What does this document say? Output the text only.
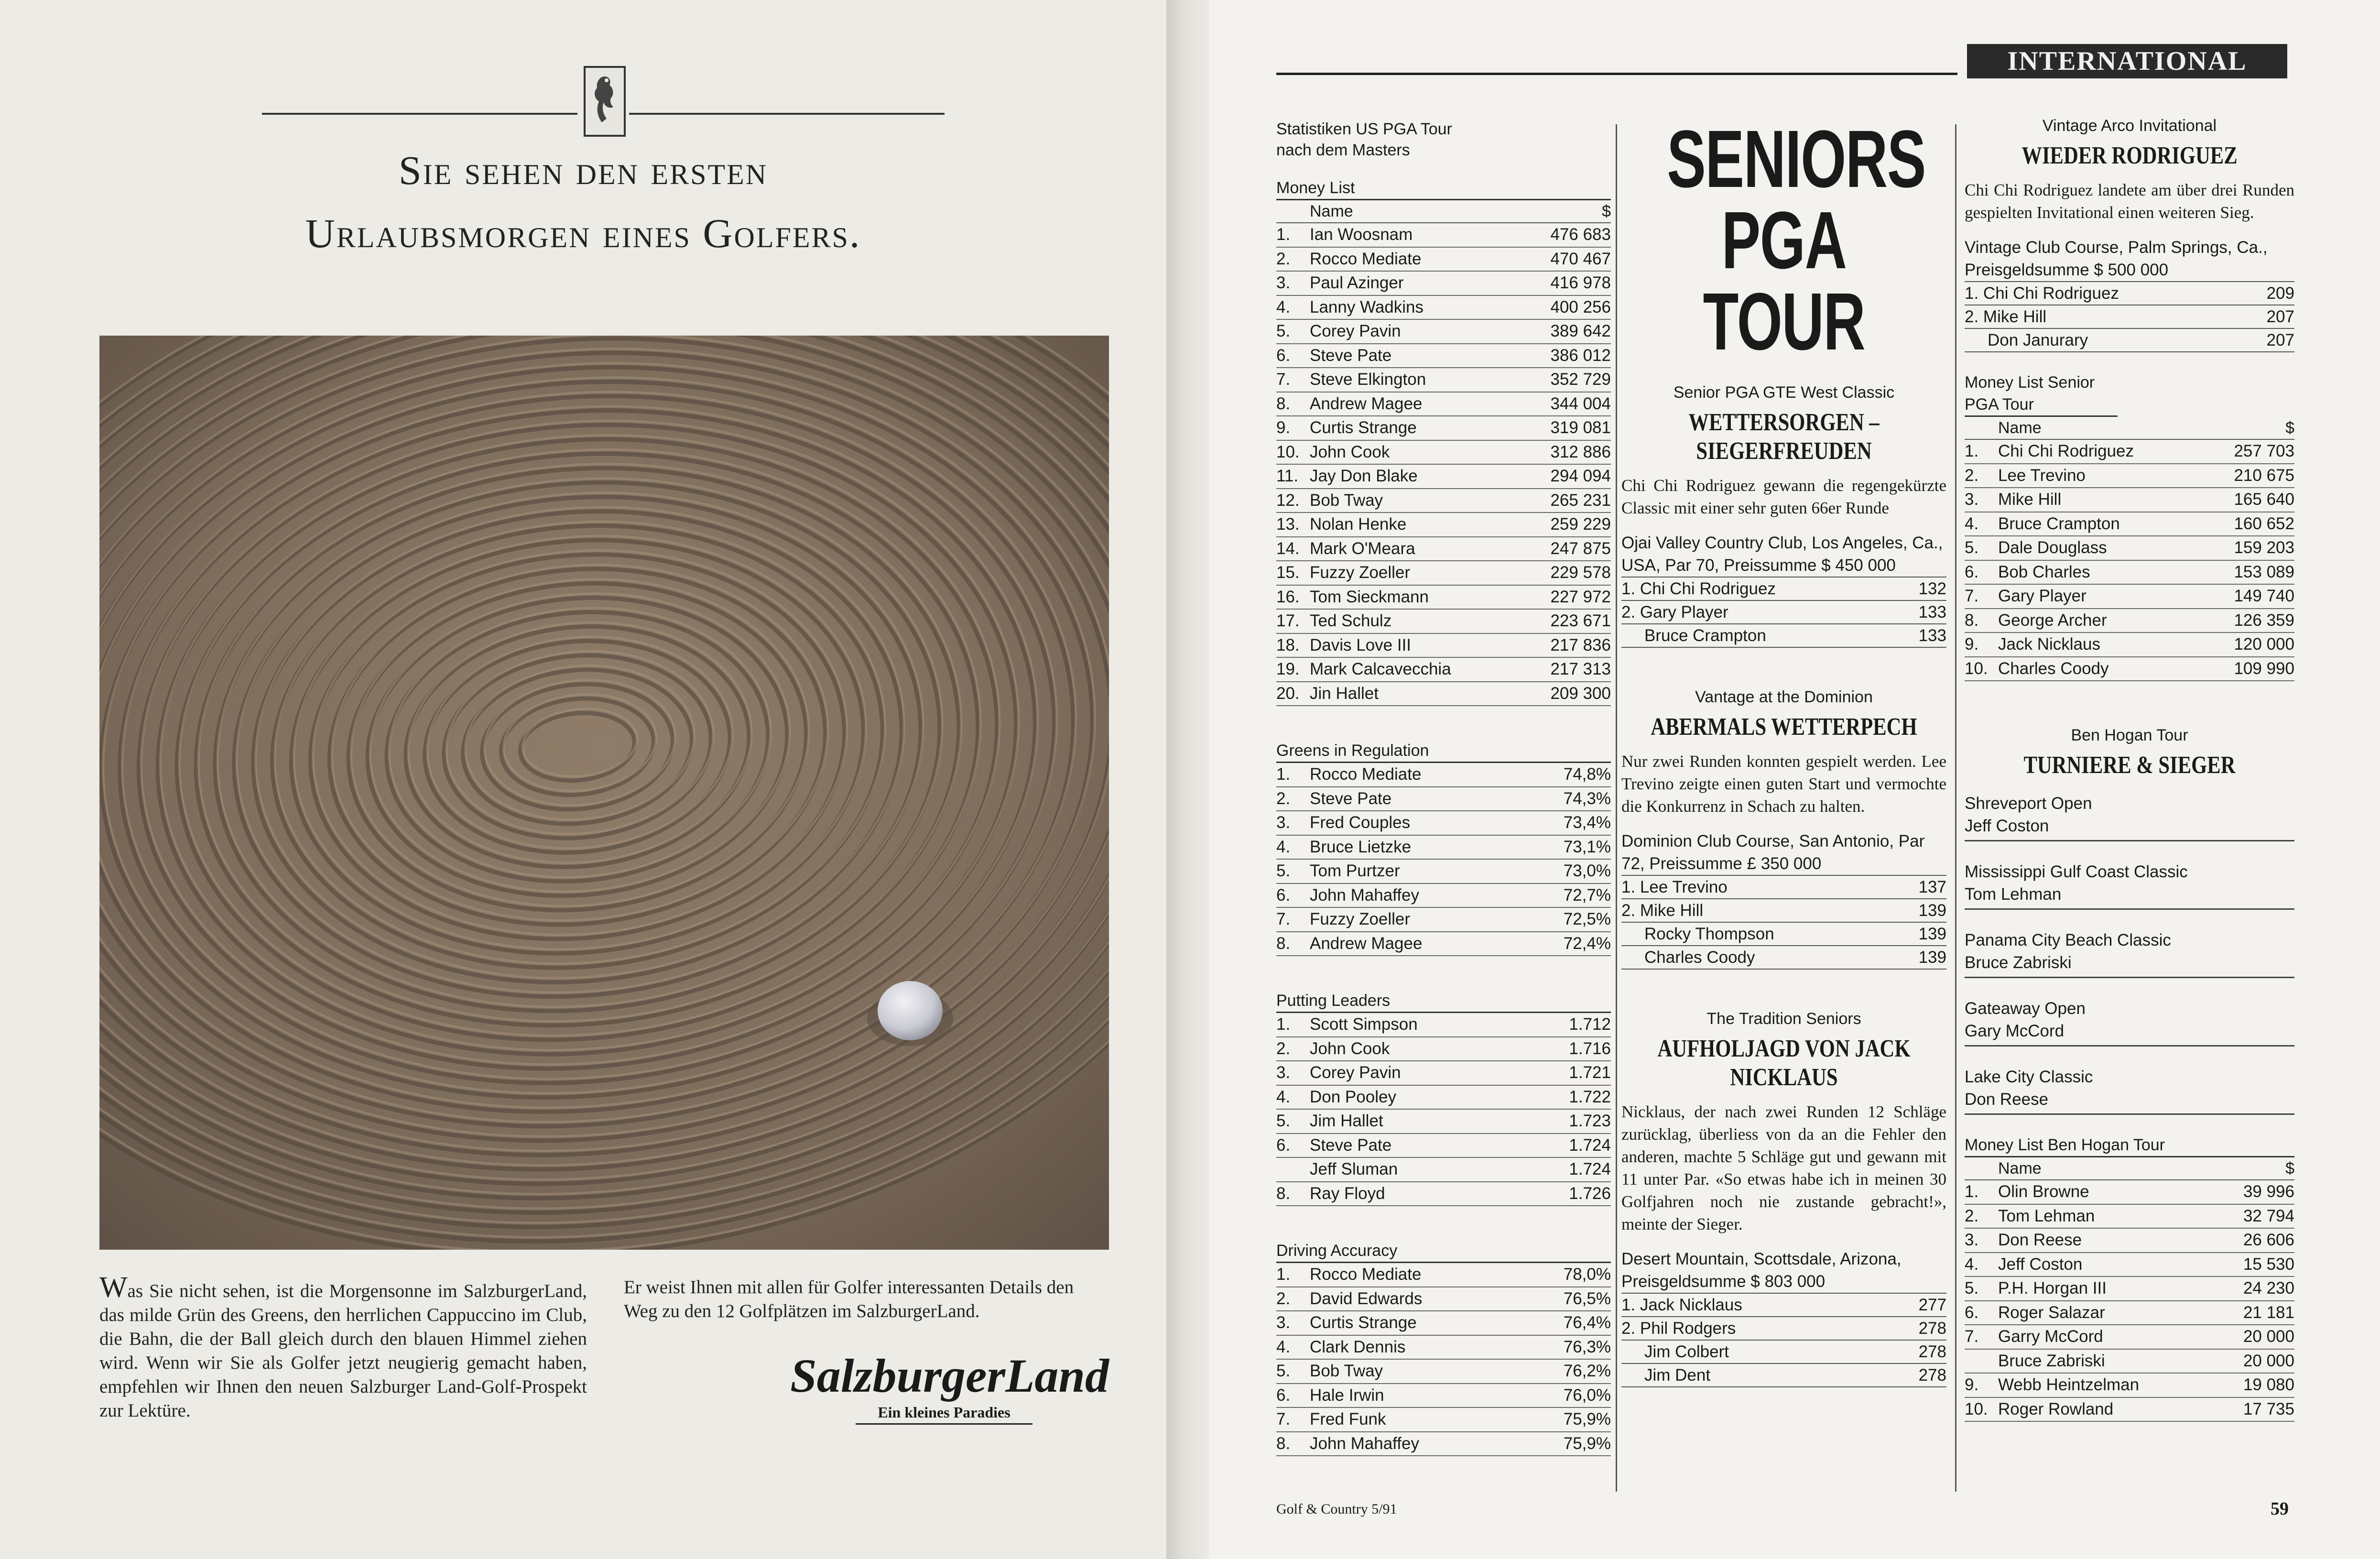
Sie sehen den ersten
Urlaubsmorgen eines Golfers.
Was Sie nicht sehen, ist die Morgensonne im SalzburgerLand, das milde Grün des Greens, den herrlichen Cappuccino im Club, die Bahn, die der Ball gleich durch den blauen Himmel ziehen wird. Wenn wir Sie als Golfer jetzt neugierig gemacht haben, empfehlen wir Ihnen den neuen Salzburger Land-Golf-Prospekt zur Lektüre.
Er weist Ihnen mit allen für Golfer interessanten Details den Weg zu den 12 Golfplätzen im SalzburgerLand.
SalzburgerLand
Ein kleines Paradies
INTERNATIONAL
Statistiken US PGA Tour nach dem Masters
Money List
Name	$
1.	Ian Woosnam	476 683
2.	Rocco Mediate	470 467
3.	Paul Azinger	416 978
4.	Lanny Wadkins	400 256
5.	Corey Pavin	389 642
6.	Steve Pate	386 012
7.	Steve Elkington	352 729
8.	Andrew Magee	344 004
9.	Curtis Strange	319 081
10. John Cook	312 886
11. Jay Don Blake	294 094
12. Bob Tway	265 231
13. Nolan Henke	259 229
14. Mark O'Meara	247 875
15. Fuzzy Zoeller	229 578
16. Tom Sieckmann	227 972
17. Ted Schulz	223 671
18. Davis Love III	217 836
19. Mark Calcavecchia	217 313
20. Jin Hallet	209 300
Greens in Regulation
1.	Rocco Mediate	74,8%
2.	Steve Pate	74,3%
3.	Fred Couples	73,4%
4.	Bruce Lietzke	73,1%
5.	Tom Purtzer	73,0%
6.	John Mahaffey	72,7%
7.	Fuzzy Zoeller	72,5%
8.	Andrew Magee	72,4%
Putting Leaders
1.	Scott Simpson	1.712
2.	John Cook	1.716
3.	Corey Pavin	1.721
4.	Don Pooley	1.722
5.	Jim Hallet	1.723
6.	Steve Pate	1.724
Jeff Sluman	1.724
8.	Ray Floyd	1.726
Driving Accuracy
1.	Rocco Mediate	78,0%
2.	David Edwards	76,5%
3.	Curtis Strange	76,4%
4.	Clark Dennis	76,3%
5.	Bob Tway	76,2%
6.	Hale Irwin	76,0%
7.	Fred Funk	75,9%
8.	John Mahaffey	75,9%
SENIORS
PGA TOUR
Senior PGA GTE West Classic
WETTERSORGEN – SIEGERFREUDEN
Chi Chi Rodriguez gewann die regengekürzte Classic mit einer sehr guten 66er Runde
Ojai Valley Country Club, Los Angeles, Ca., USA, Par 70, Preissumme $ 450 000
1. Chi Chi Rodriguez	132
2. Gary Player	133
Bruce Crampton	133
Vantage at the Dominion
ABERMALS WETTERPECH
Nur zwei Runden konnten gespielt werden. Lee Trevino zeigte einen guten Start und vermochte die Konkurrenz in Schach zu halten.
Dominion Club Course, San Antonio, Par 72, Preissumme £ 350 000
1. Lee Trevino	137
2. Mike Hill	139
Rocky Thompson	139
Charles Coody	139
The Tradition Seniors
AUFHOLJAGD VON JACK NICKLAUS
Nicklaus, der nach zwei Runden 12 Schläge zurücklag, überliess von da an die Fehler den anderen, machte 5 Schläge gut und gewann mit 11 unter Par. «So etwas habe ich in meinen 30 Golfjahren noch nie zustande gebracht!», meinte der Sieger.
Desert Mountain, Scottsdale, Arizona, Preisgeldsumme $ 803 000
1. Jack Nicklaus	277
2. Phil Rodgers	278
Jim Colbert	278
Jim Dent	278
Vintage Arco Invitational
WIEDER RODRIGUEZ
Chi Chi Rodriguez landete am über drei Runden gespielten Invitational einen weiteren Sieg.
Vintage Club Course, Palm Springs, Ca., Preisgeldsumme $ 500 000
1. Chi Chi Rodriguez	209
2. Mike Hill	207
Don Janurary	207
Money List Senior PGA Tour
Name	$
1.	Chi Chi Rodriguez	257 703
2.	Lee Trevino	210 675
3.	Mike Hill	165 640
4.	Bruce Crampton	160 652
5.	Dale Douglass	159 203
6.	Bob Charles	153 089
7.	Gary Player	149 740
8.	George Archer	126 359
9.	Jack Nicklaus	120 000
10. Charles Coody	109 990
Ben Hogan Tour
TURNIERE & SIEGER
Shreveport Open
Jeff Coston
Mississippi Gulf Coast Classic
Tom Lehman
Panama City Beach Classic
Bruce Zabriski
Gateaway Open
Gary McCord
Lake City Classic
Don Reese
Money List Ben Hogan Tour
Name	$
1.	Olin Browne	39 996
2.	Tom Lehman	32 794
3.	Don Reese	26 606
4.	Jeff Coston	15 530
5.	P.H. Horgan III	24 230
6.	Roger Salazar	21 181
7.	Garry McCord	20 000
Bruce Zabriski	20 000
9.	Webb Heintzelman	19 080
10. Roger Rowland	17 735
Golf & Country 5/91	59
